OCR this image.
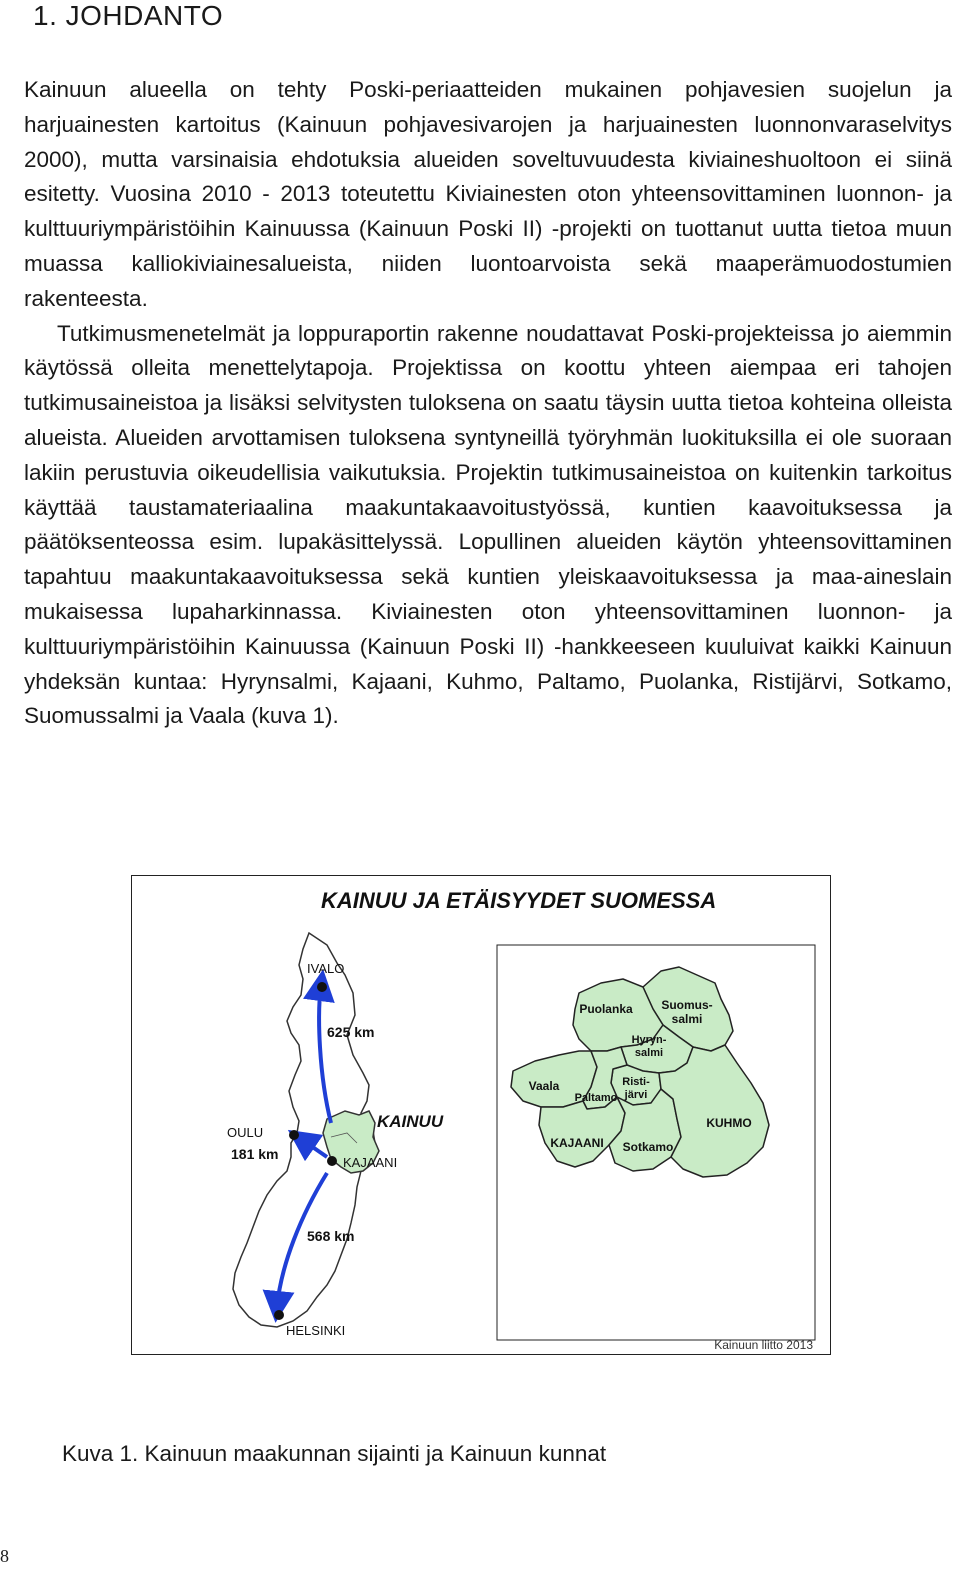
1. JOHDANTO

Kainuun alueella on tehty Poski-periaatteiden mukainen pohjavesien suojelun ja harjuainesten kartoitus (Kainuun pohjavesivarojen ja harjuainesten luonnonvaraselvitys 2000), mutta varsinaisia ehdotuksia alueiden soveltuvuudesta kiviaineshuoltoon ei siinä esitetty. Vuosina 2010 - 2013 toteutettu Kiviainesten oton yhteensovittaminen luonnon- ja kulttuuriympäristöihin Kainuussa (Kainuun Poski II) -projekti on tuottanut uutta tietoa muun muassa kalliokiviainesalueista, niiden luontoarvoista sekä maaperämuodostumien rakenteesta.

Tutkimusmenetelmät ja loppuraportin rakenne noudattavat Poski-projekteissa jo aiemmin käytössä olleita menettelytapoja. Projektissa on koottu yhteen aiempaa eri tahojen tutkimusaineistoa ja lisäksi selvitysten tuloksena on saatu täysin uutta tietoa kohteina olleista alueista. Alueiden arvottamisen tuloksena syntyneillä työryhmän luokituksilla ei ole suoraan lakiin perustuvia oikeudellisia vaikutuksia. Projektin tutkimusaineistoa on kuitenkin tarkoitus käyttää taustamateriaalina maakuntakaavoitustyössä, kuntien kaavoituksessa ja päätöksenteossa esim. lupakäsittelyssä. Lopullinen alueiden käytön yhteensovittaminen tapahtuu maakuntakaavoituksessa sekä kuntien yleiskaavoituksessa ja maa-aineslain mukaisessa lupaharkinnassa. Kiviainesten oton yhteensovittaminen luonnon- ja kulttuuriympäristöihin Kainuussa (Kainuun Poski II) -hankkeeseen kuuluivat kaikki Kainuun yhdeksän kuntaa: Hyrynsalmi, Kajaani, Kuhmo, Paltamo, Puolanka, Ristijärvi, Sotkamo, Suomussalmi ja Vaala (kuva 1).

KAINUU JA ETÄISYYDET SUOMESSA
IVALO
625 km
OULU
181 km
KAJAANI
KAINUU
568 km
HELSINKI
Suomus-
salmi
Puolanka
Hyryn-
salmi
Risti-
järvi
Vaala
Paltamo
KAJAANI Sotkamo
KUHMO
Kainuun liitto 2013

Kuva 1. Kainuun maakunnan sijainti ja Kainuun kunnat

8
